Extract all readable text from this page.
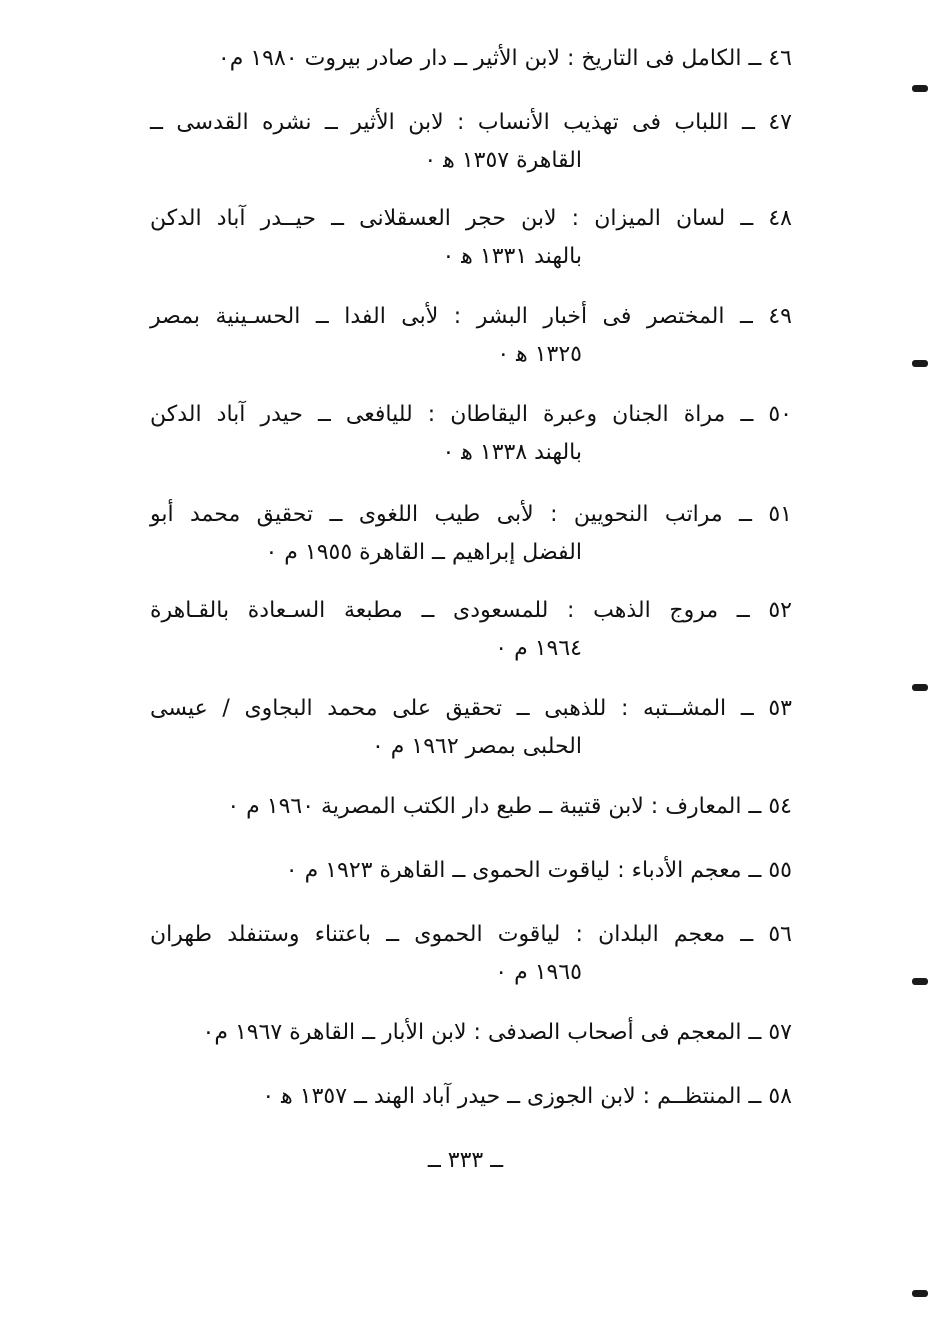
٤٦ ــ الكامل فى التاريخ : لابن الأثير ــ دار صادر بيروت ١٩٨٠ م٠
٤٧ ــ اللباب فى تهذيب الأنساب : لابن الأثير ــ نشره القدسى ــ
القاهرة ١٣٥٧ ﻫ ٠
٤٨ ــ لسان الميزان : لابن حجر العسقلانى ــ حيــدر آباد الدكن
بالهند ١٣٣١ ﻫ ٠
٤٩ ــ المختصر فى أخبار البشر : لأبى الفدا ــ الحسـينية بمصر
١٣٢٥ ﻫ ٠
٥٠ ــ مراة الجنان وعبرة اليقاطان : لليافعى ــ حيدر آباد الدكن
بالهند ١٣٣٨ ﻫ ٠
٥١ ــ مراتب النحويين : لأبى طيب اللغوى ــ تحقيق محمد أبو
الفضل إبراهيم ــ القاهرة ١٩٥٥ م ٠
٥٢ ــ مروج الذهب : للمسعودى ــ مطبعة السـعادة بالقـاهرة
١٩٦٤ م ٠
٥٣ ــ المشــتبه : للذهبى ــ تحقيق على محمد البجاوى / عيسى
الحلبى بمصر ١٩٦٢ م ٠
٥٤ ــ المعارف : لابن قتيبة ــ طبع دار الكتب المصرية ١٩٦٠ م ٠
٥٥ ــ معجم الأدباء : لياقوت الحموى ــ القاهرة ١٩٢٣ م ٠
٥٦ ــ معجم البلدان : لياقوت الحموى ــ باعتناء وستنفلد طهران
١٩٦٥ م ٠
٥٧ ــ المعجم فى أصحاب الصدفى : لابن الأبار ــ القاهرة ١٩٦٧ م٠
٥٨ ــ المنتظــم : لابن الجوزى ــ حيدر آباد الهند ــ ١٣٥٧ ﻫ ٠
ــ ٣٣٣ ــ
